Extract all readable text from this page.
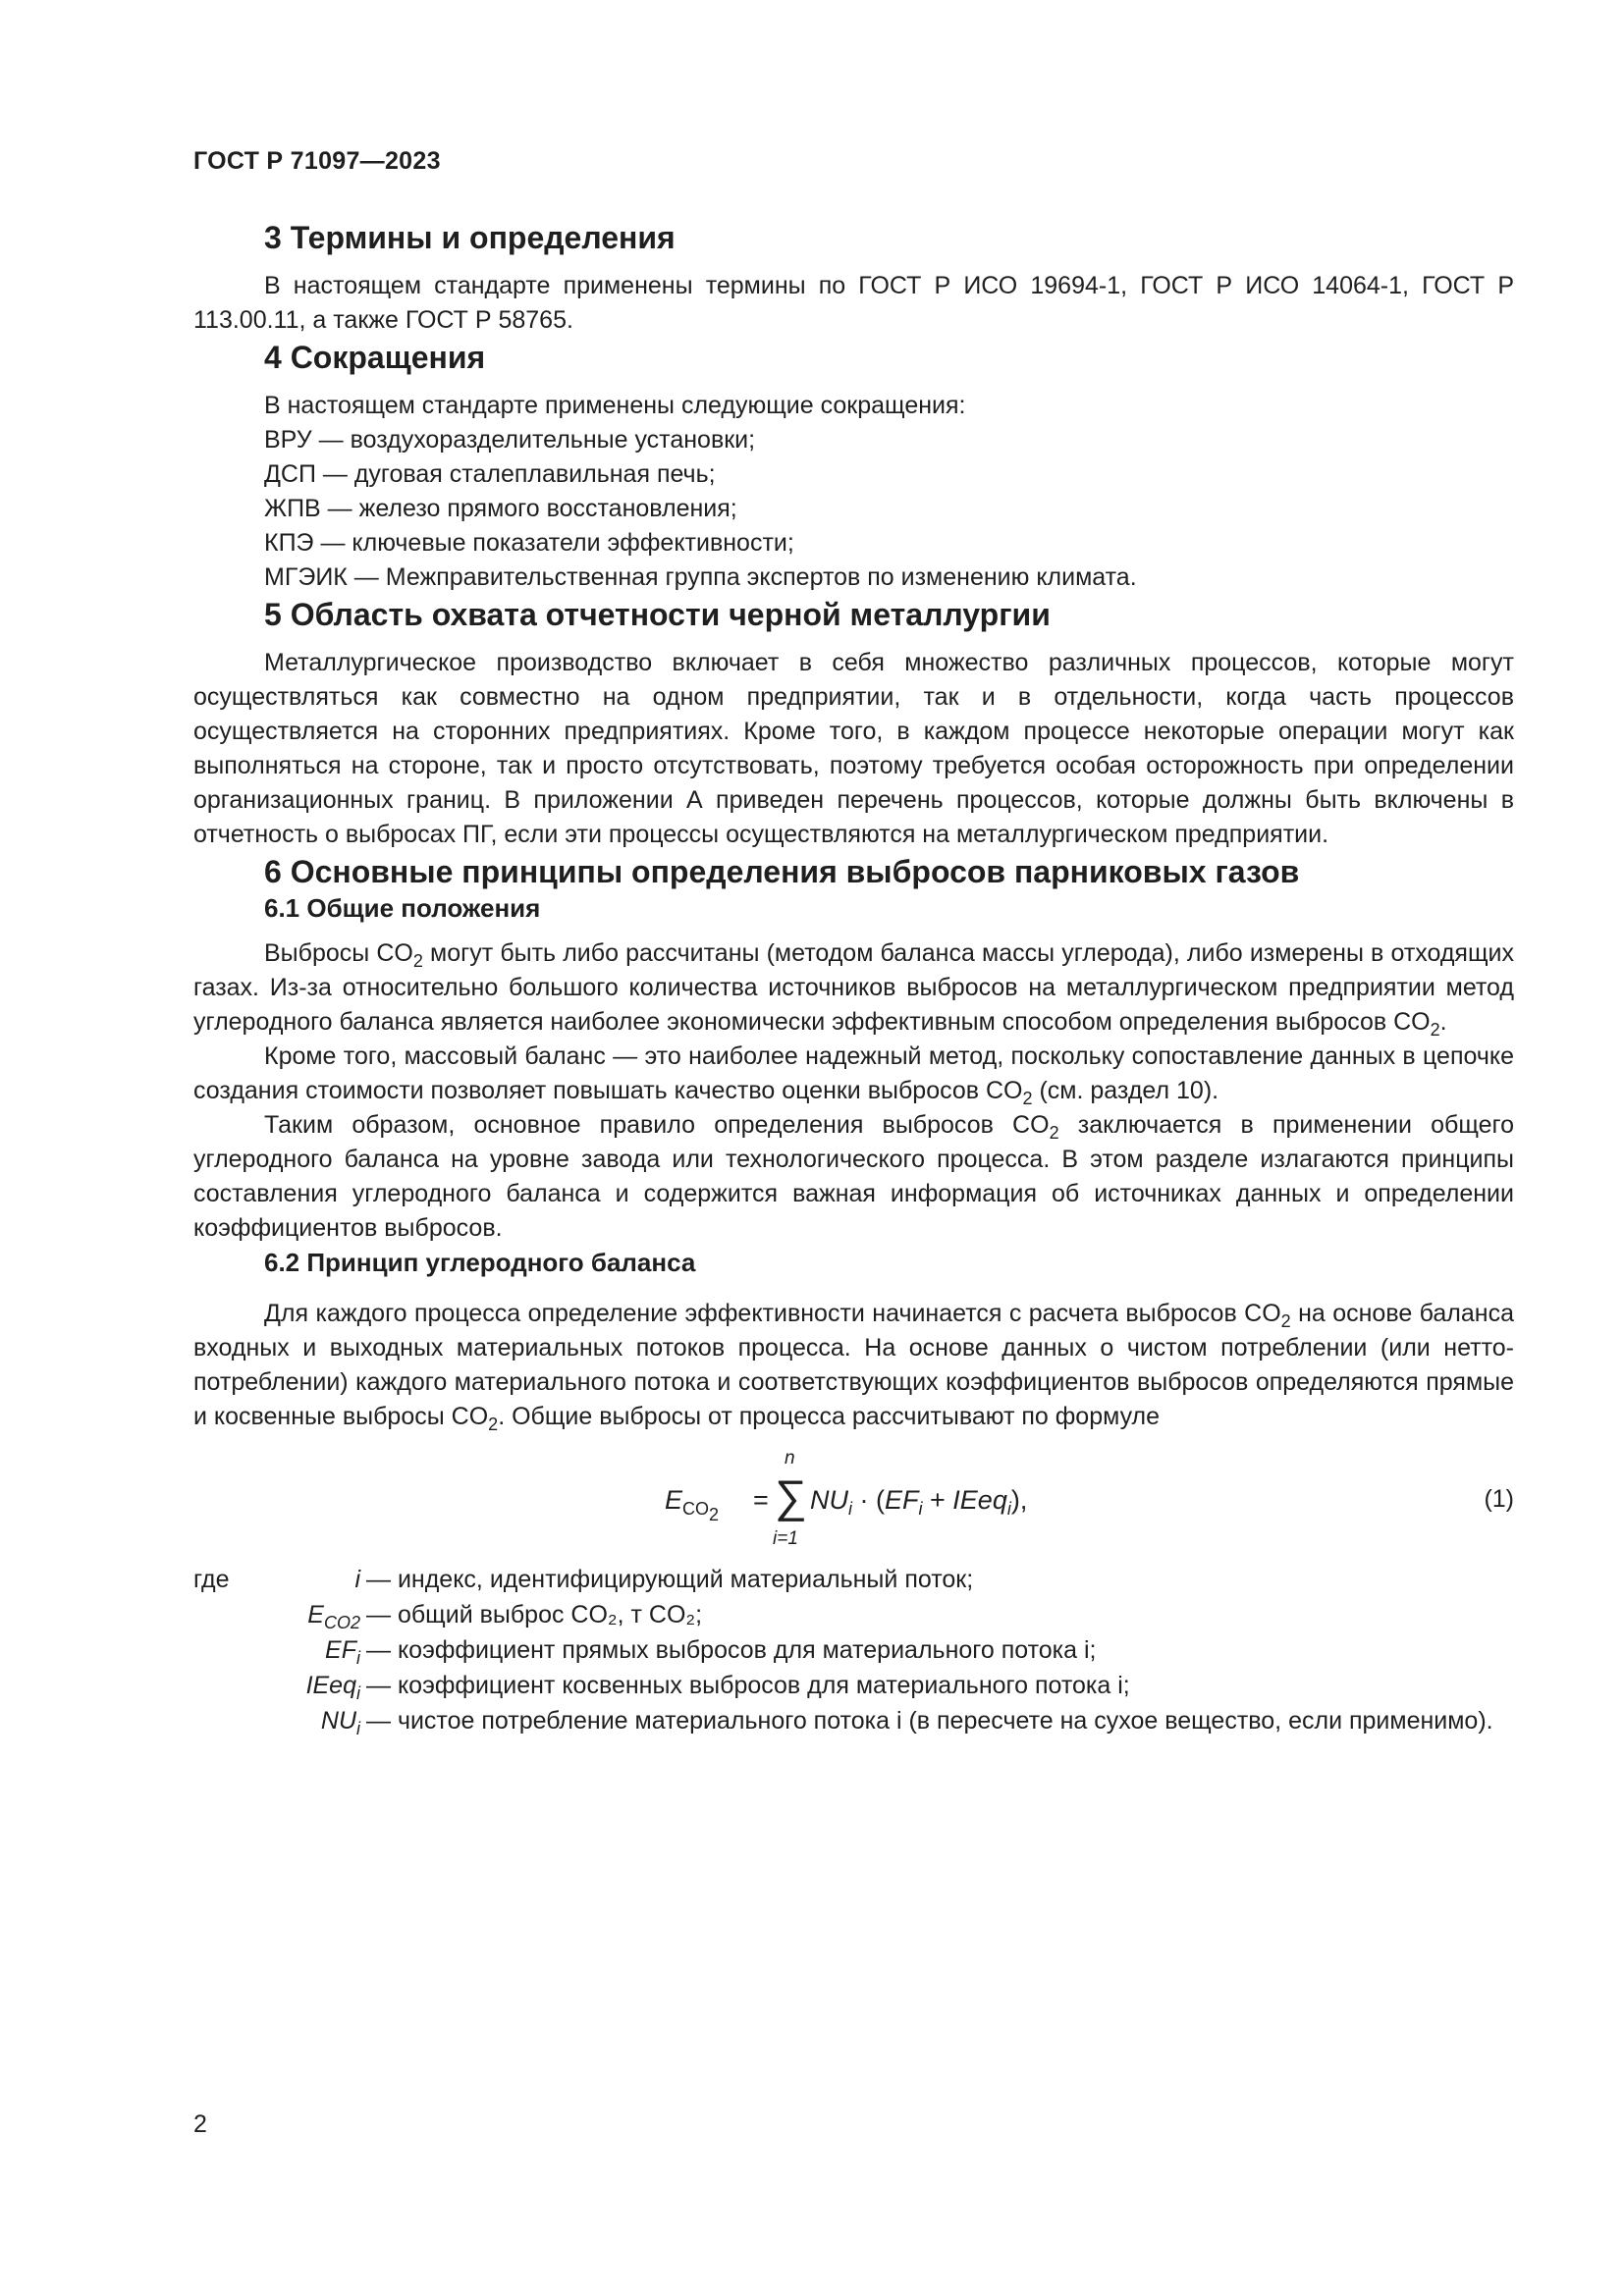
ГОСТ Р 71097—2023
3 Термины и определения

В настоящем стандарте применены термины по ГОСТ Р ИСО 19694-1, ГОСТ Р ИСО 14064-1, ГОСТ Р 113.00.11, а также ГОСТ Р 58765.

4 Сокращения
В настоящем стандарте применены следующие сокращения:
ВРУ — воздухоразделительные установки;
ДСП — дуговая сталеплавильная печь;
ЖПВ — железо прямого восстановления;
КПЭ — ключевые показатели эффективности;
МГЭИК — Межправительственная группа экспертов по изменению климата.
5 Область охвата отчетности черной металлургии

Металлургическое производство включает в себя множество различных процессов, которые могут осуществляться как совместно на одном предприятии, так и в отдельности, когда часть процессов осуществляется на сторонних предприятиях. Кроме того, в каждом процессе некоторые операции могут как выполняться на стороне, так и просто отсутствовать, поэтому требуется особая осторожность при определении организационных границ. В приложении А приведен перечень процессов, которые должны быть включены в отчетность о выбросах ПГ, если эти процессы осуществляются на металлургическом предприятии.

6 Основные принципы определения выбросов парниковых газов
6.1 Общие положения

Выбросы $CO_2$ могут быть либо рассчитаны (методом баланса массы углерода), либо измерены в отходящих газах. Из-за относительно большого количества источников выбросов на металлургическом предприятии метод углеродного баланса является наиболее экономически эффективным способом определения выбросов $CO_2$.

Кроме того, массовый баланс — это наиболее надежный метод, поскольку сопоставление данных в цепочке создания стоимости позволяет повышать качество оценки выбросов $CO_2$ (см. раздел 10).

Таким образом, основное правило определения выбросов $CO_2$ заключается в применении общего углеродного баланса на уровне завода или технологического процесса. В этом разделе излагаются принципы составления углеродного баланса и содержится важная информация об источниках данных и определении коэффициентов выбросов.

6.2 Принцип углеродного баланса

Для каждого процесса определение эффективности начинается с расчета выбросов $CO_2$ на основе баланса входных и выходных материальных потоков процесса. На основе данных о чистом потреблении (или нетто-потреблении) каждого материального потока и соответствующих коэффициентов выбросов определяются прямые и косвенные выбросы $CO_2$. Общие выбросы от процесса рассчитывают по формуле

$E_{CO_2}$ =
n
∑
i=1
$NU_i \cdot (EF_i$ + IEeq$_i$),	(1)
где	i — индекс, идентифицирующий материальный поток;
$E_{CO2}$ — общий выброс CO₂, т CO₂;
$EF_i$ — коэффициент прямых выбросов для материального потока i;
IEeq$_i$ — коэффициент косвенных выбросов для материального потока i;
$NU_i$ — чистое потребление материального потока i (в пересчете на сухое вещество, если применимо).
2
